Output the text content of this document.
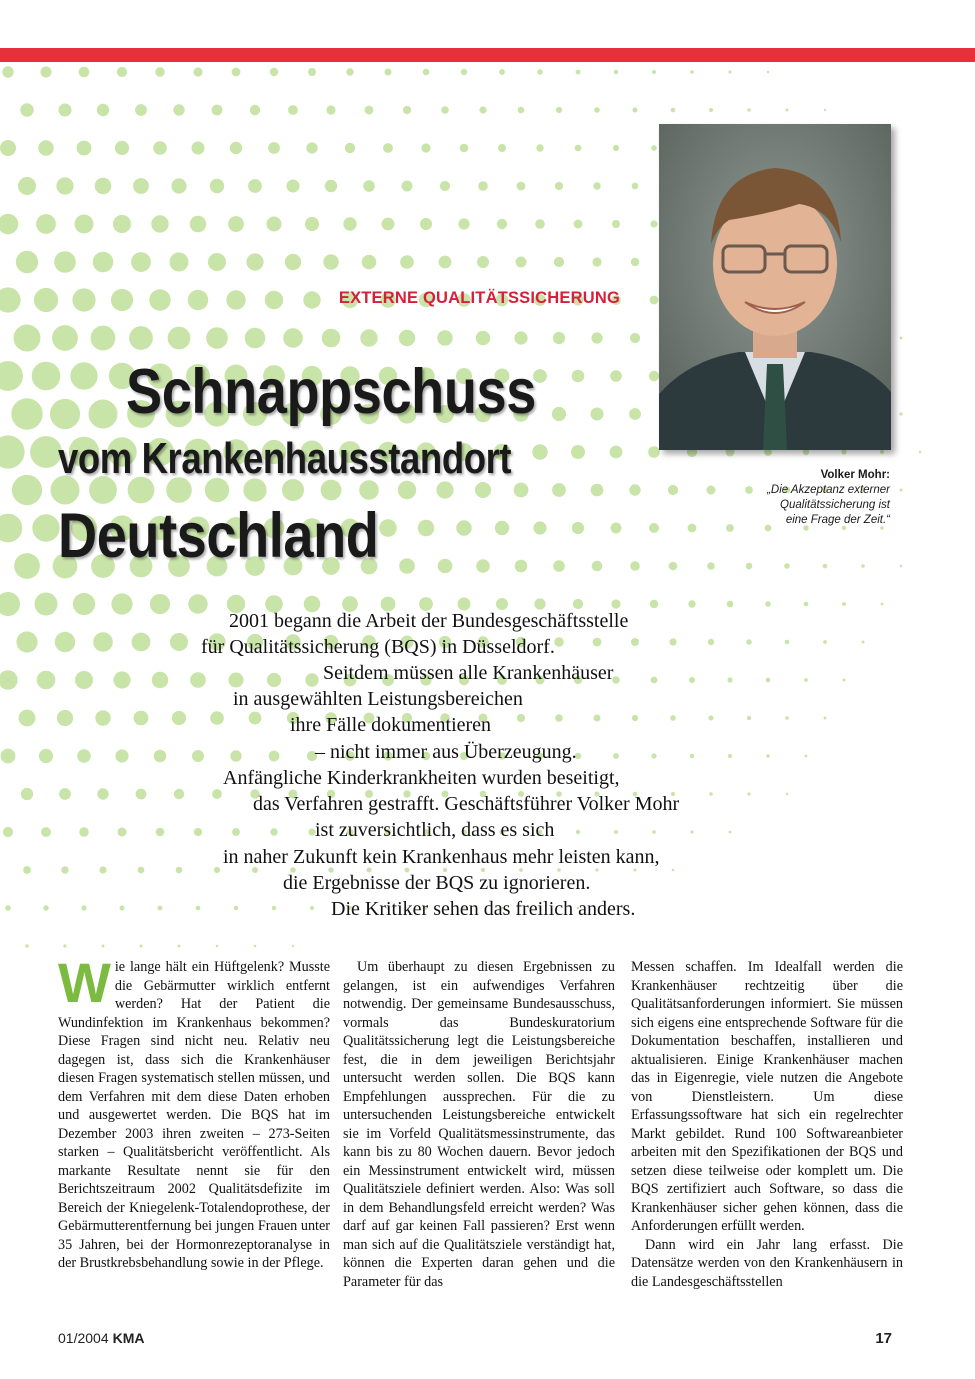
EXTERNE QUALITÄTSSICHERUNG
Schnappschuss
vom Krankenhausstandort
Deutschland
Volker Mohr:
„Die Akzeptanz externer
Qualitätssicherung ist
eine Frage der Zeit.“
2001 begann die Arbeit der Bundesgeschäftsstelle
für Qualitätssicherung (BQS) in Düsseldorf.
Seitdem müssen alle Krankenhäuser
in ausgewählten Leistungsbereichen
ihre Fälle dokumentieren
– nicht immer aus Überzeugung.
Anfängliche Kinderkrankheiten wurden beseitigt,
das Verfahren gestrafft. Geschäftsführer Volker Mohr
ist zuversichtlich, dass es sich
in naher Zukunft kein Krankenhaus mehr leisten kann,
die Ergebnisse der BQS zu ignorieren.
Die Kritiker sehen das freilich anders.
W ie lange hält ein Hüftgelenk? Musste die Gebärmutter wirklich entfernt werden? Hat der Patient die Wundinfektion im Krankenhaus bekommen? Diese Fragen sind nicht neu. Relativ neu dagegen ist, dass sich die Krankenhäuser diesen Fragen systematisch stellen müssen, und dem Verfahren mit dem diese Daten erhoben und ausgewertet werden. Die BQS hat im Dezember 2003 ihren zweiten – 273-Seiten starken – Qualitätsbericht veröffentlicht. Als markante Resultate nennt sie für den Berichtszeitraum 2002 Qualitätsdefizite im Bereich der Kniegelenk-Totalendoprothese, der Gebärmutterentfernung bei jungen Frauen unter 35 Jahren, bei der Hormonrezeptoranalyse in der Brustkrebsbehandlung sowie in der Pflege.

Um überhaupt zu diesen Ergebnissen zu gelangen, ist ein aufwendiges Verfahren notwendig. Der gemeinsame Bundesausschuss, vormals das Bundeskuratorium Qualitätssicherung legt die Leistungsbereiche fest, die in dem jeweiligen Berichtsjahr untersucht werden sollen. Die BQS kann Empfehlungen aussprechen. Für die zu untersuchenden Leistungsbereiche entwickelt sie im Vorfeld Qualitätsmessinstrumente, das kann bis zu 80 Wochen dauern. Bevor jedoch ein Messinstrument entwickelt wird, müssen Qualitätsziele definiert werden. Also: Was soll in dem Behandlungsfeld erreicht werden? Was darf auf gar keinen Fall passieren? Erst wenn man sich auf die Qualitätsziele verständigt hat, können die Experten daran gehen und die Parameter für das

Messen schaffen. Im Idealfall werden die Krankenhäuser rechtzeitig über die Qualitätsanforderungen informiert. Sie müssen sich eigens eine entsprechende Software für die Dokumentation beschaffen, installieren und aktualisieren. Einige Krankenhäuser machen das in Eigenregie, viele nutzen die Angebote von Dienstleistern. Um diese Erfassungssoftware hat sich ein regelrechter Markt gebildet. Rund 100 Softwareanbieter arbeiten mit den Spezifikationen der BQS und setzen diese teilweise oder komplett um. Die BQS zertifiziert auch Software, so dass die Krankenhäuser sicher gehen können, dass die Anforderungen erfüllt werden.

Dann wird ein Jahr lang erfasst. Die Datensätze werden von den Krankenhäusern in die Landesgeschäftsstellen

01/2004 KMA	17
